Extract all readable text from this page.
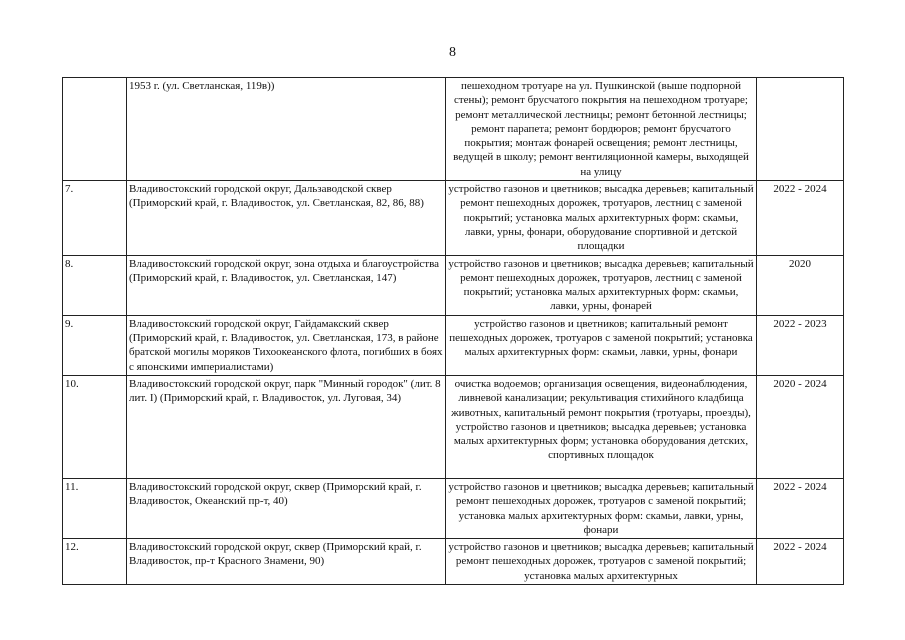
8
	1953 г. (ул. Светланская, 119в))	пешеходном тротуаре на ул. Пушкинской (выше подпорной стены); ремонт брусчатого покрытия на пешеходном тротуаре; ремонт металлической лестницы; ремонт бетонной лестницы; ремонт парапета; ремонт бордюров; ремонт брусчатого покрытия; монтаж фонарей освещения; ремонт лестницы, ведущей в школу; ремонт вентиляционной камеры, выходящей на улицу	
7.	Владивостокский городской округ, Дальзаводской сквер (Приморский край, г. Владивосток, ул. Светланская, 82, 86, 88)	устройство газонов и цветников; высадка деревьев; капитальный ремонт пешеходных дорожек, тротуаров, лестниц с заменой покрытий; установка малых архитектурных форм: скамьи, лавки, урны, фонари, оборудование спортивной и детской площадки	2022 - 2024
8.	Владивостокский городской округ, зона отдыха и благоустройства (Приморский край, г. Владивосток, ул. Светланская, 147)	устройство газонов и цветников; высадка деревьев; капитальный ремонт пешеходных дорожек, тротуаров, лестниц с заменой покрытий; установка малых архитектурных форм: скамьи, лавки, урны, фонарей	2020
9.	Владивостокский городской округ, Гайдамакский сквер (Приморский край, г. Владивосток, ул. Светланская, 173, в районе братской могилы моряков Тихоокеанского флота, погибших в боях с японскими империалистами)	устройство газонов и цветников; капитальный ремонт пешеходных дорожек, тротуаров с заменой покрытий; установка малых архитектурных форм: скамьи, лавки, урны, фонари	2022 - 2023
10.	Владивостокский городской округ, парк "Минный городок" (лит. 8 лит. I) (Приморский край, г. Владивосток, ул. Луговая, 34)	очистка водоемов; организация освещения, видеонаблюдения, ливневой канализации; рекультивация стихийного кладбища животных, капитальный ремонт покрытия (тротуары, проезды), устройство газонов и цветников; высадка деревьев; установка малых архитектурных форм; установка оборудования детских, спортивных площадок	2020 - 2024
11.	Владивостокский городской округ, сквер (Приморский край, г. Владивосток, Океанский пр-т, 40)	устройство газонов и цветников; высадка деревьев; капитальный ремонт пешеходных дорожек, тротуаров с заменой покрытий; установка малых архитектурных форм: скамьи, лавки, урны, фонари	2022 - 2024
12.	Владивостокский городской округ, сквер (Приморский край, г. Владивосток, пр-т Красного Знамени, 90)	устройство газонов и цветников; высадка деревьев; капитальный ремонт пешеходных дорожек, тротуаров с заменой покрытий; установка малых архитектурных	2022 - 2024
